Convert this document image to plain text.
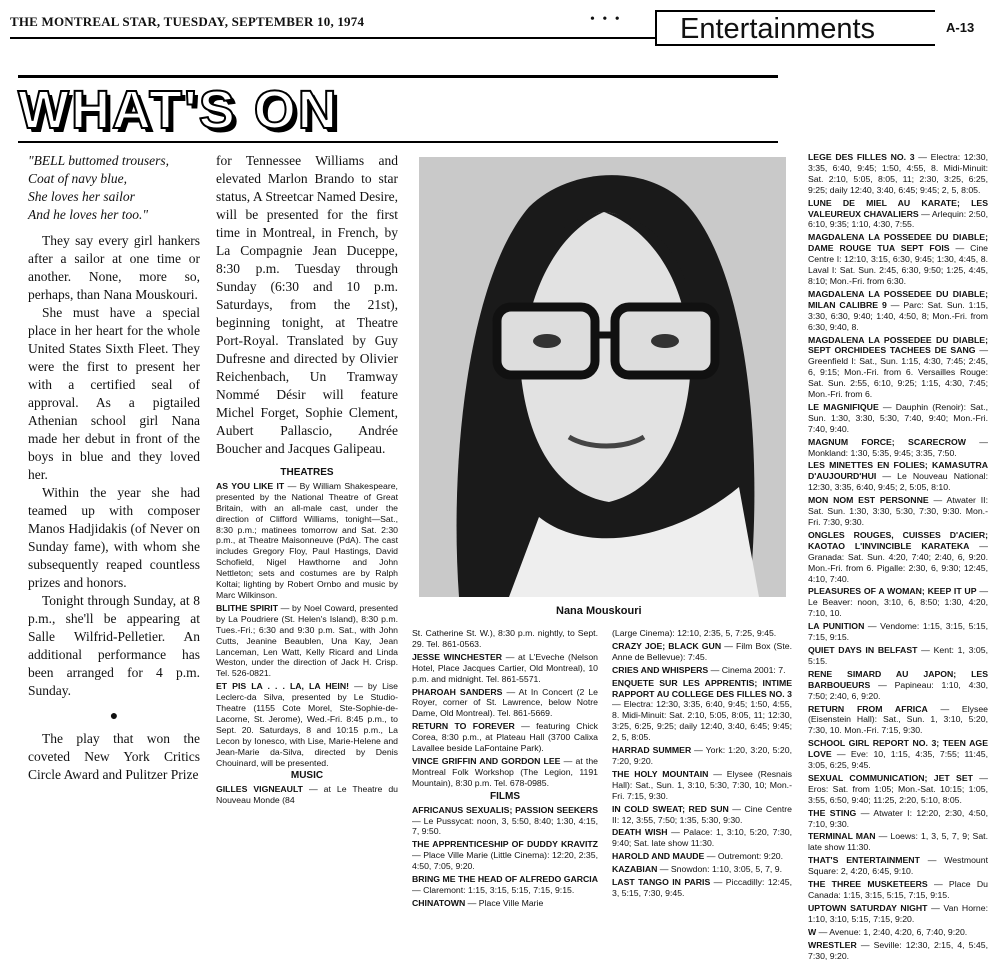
THE MONTREAL STAR, TUESDAY, SEPTEMBER 10, 1974	• • • Entertainments	A-13
WHAT'S ON
"BELL buttomed trousers,
Coat of navy blue,
She loves her sailor
And he loves her too."

They say every girl hankers after a sailor at one time or another. None, more so, perhaps, than Nana Mouskouri.

She must have a special place in her heart for the whole United States Sixth Fleet. They were the first to present her with a certified seal of approval. As a pigtailed Athenian school girl Nana made her debut in front of the boys in blue and they loved her.

Within the year she had teamed up with composer Manos Hadjidakis (of Never on Sunday fame), with whom she subsequently reaped countless prizes and honors.

Tonight through Sunday, at 8 p.m., she'll be appearing at Salle Wilfrid-Pelletier. An additional performance has been arranged for 4 p.m. Sunday.

●

The play that won the coveted New York Critics Circle Award and Pulitzer Prize

for Tennessee Williams and elevated Marlon Brando to star status, A Streetcar Named Desire, will be presented for the first time in Montreal, in French, by La Compagnie Jean Duceppe, 8:30 p.m. Tuesday through Sunday (6:30 and 10 p.m. Saturdays, from the 21st), beginning tonight, at Theatre Port-Royal. Translated by Guy Dufresne and directed by Olivier Reichenbach, Un Tramway Nommé Désir will feature Michel Forget, Sophie Clement, Aubert Pallascio, Andrée Boucher and Jacques Galipeau.

THEATRES
AS YOU LIKE IT — By William Shakespeare, presented by the National Theatre of Great Britain, with an all-male cast, under the direction of Clifford Williams, tonight—Sat., 8:30 p.m.; matinees tomorrow and Sat. 2:30 p.m., at Theatre Maisonneuve (PdA). The cast includes Gregory Floy, Paul Hastings, David Schofield, Nigel Hawthorne and John Nettleton; sets and costumes are by Ralph Koltai; lighting by Robert Ornbo and music by Marc Wilkinson.
BLITHE SPIRIT — by Noel Coward, presented by La Poudriere (St. Helen's Island), 8:30 p.m. Tues.-Fri.; 6:30 and 9:30 p.m. Sat., with John Cutts, Jeanine Beaublen, Una Kay, Jean Lanceman, Len Watt, Kelly Ricard and Linda Weston, under the direction of Jack H. Crisp. Tel. 526-0821.
ET PIS LA . . . LA, LA HEIN! — by Lise Leclerc-da Silva, presented by Le Studio-Theatre (1155 Cote Morel, Ste-Sophie-de-Lacorne, St. Jerome), Wed.-Fri. 8:45 p.m., to Sept. 20. Saturdays, 8 and 10:15 p.m., La Lecon by Ionesco, with Lise, Marie-Helene and Jean-Marie da-Silva, directed by Denis Chouinard, will be presented.
MUSIC
GILLES VIGNEAULT — at Le Theatre du Nouveau Monde (84
Nana Mouskouri
St. Catherine St. W.), 8:30 p.m. nightly, to Sept. 29. Tel. 861-0563.
JESSE WINCHESTER — at L'Eveche (Nelson Hotel, Place Jacques Cartier, Old Montreal), 10 p.m. and midnight. Tel. 861-5571.
PHAROAH SANDERS — At In Concert (2 Le Royer, corner of St. Lawrence, below Notre Dame, Old Montreal). Tel. 861-5669.
RETURN TO FOREVER — featuring Chick Corea, 8:30 p.m., at Plateau Hall (3700 Calixa Lavallee beside LaFontaine Park).
VINCE GRIFFIN AND GORDON LEE — at the Montreal Folk Workshop (The Legion, 1191 Mountain), 8:30 p.m. Tel. 678-0985.
FILMS
AFRICANUS SEXUALIS; PASSION SEEKERS — Le Pussycat: noon, 3, 5:50, 8:40; 1:30, 4:15, 7, 9:50.
THE APPRENTICESHIP OF DUDDY KRAVITZ — Place Ville Marie (Little Cinema): 12:20, 2:35, 4:50, 7:05, 9:20.
BRING ME THE HEAD OF ALFREDO GARCIA — Claremont: 1:15, 3:15, 5:15, 7:15, 9:15.
CHINATOWN — Place Ville Marie
(Large Cinema): 12:10, 2:35, 5, 7:25, 9:45.
CRAZY JOE; BLACK GUN — Film Box (Ste. Anne de Bellevue): 7:45.
CRIES AND WHISPERS — Cinema 2001: 7.
ENQUETE SUR LES APPRENTIS; INTIME RAPPORT AU COLLEGE DES FILLES NO. 3 — Electra: 12:30, 3:35, 6:40, 9:45; 1:50, 4:55, 8. Midi-Minuit: Sat. 2:10, 5:05, 8:05, 11; 12:30, 3:25, 6:25, 9:25; daily 12:40, 3:40, 6:45; 9:45; 2, 5, 8:05.
HARRAD SUMMER — York: 1:20, 3:20, 5:20, 7:20, 9:20.
THE HOLY MOUNTAIN — Elysee (Resnais Hall): Sat., Sun. 1, 3:10, 5:30, 7:30, 10; Mon.-Fri. 7:15, 9:30.
IN COLD SWEAT; RED SUN — Cine Centre II: 12, 3:55, 7:50; 1:35, 5:30, 9:30.
DEATH WISH — Palace: 1, 3:10, 5:20, 7:30, 9:40; Sat. late show 11:30.
HAROLD AND MAUDE — Outremont: 9:20.
KAZABIAN — Snowdon: 1:10, 3:05, 5, 7, 9.
LAST TANGO IN PARIS — Piccadilly: 12:45, 3, 5:15, 7:30, 9:45.
LEGE DES FILLES NO. 3 — Electra: 12:30, 3:35, 6:40, 9:45; 1:50, 4:55, 8. Midi-Minuit: Sat. 2:10, 5:05, 8:05, 11; 2:30, 3:25, 6:25, 9:25; daily 12:40, 3:40, 6:45; 9:45; 2, 5, 8:05.
LUNE DE MIEL AU KARATE; LES VALEUREUX CHAVALIERS — Arlequin: 2:50, 6:10, 9:35; 1:10, 4:30, 7:55.
MAGDALENA LA POSSEDEE DU DIABLE; DAME ROUGE TUA SEPT FOIS — Cine Centre I: 12:10, 3:15, 6:30, 9:45; 1:30, 4:45, 8. Laval I: Sat. Sun. 2:45, 6:30, 9:50; 1:25, 4:45, 8:10; Mon.-Fri. from 6:30.
MAGDALENA LA POSSEDEE DU DIABLE; MILAN CALIBRE 9 — Parc: Sat. Sun. 1:15, 3:30, 6:30, 9:40; 1:40, 4:50, 8; Mon.-Fri. from 6:30, 9:40, 8.
MAGDALENA LA POSSEDEE DU DIABLE; SEPT ORCHIDEES TACHEES DE SANG — Greenfield I: Sat., Sun. 1:15, 4:30, 7:45; 2:45, 6, 9:15; Mon.-Fri. from 6. Versailles Rouge: Sat. Sun. 2:55, 6:10, 9:25; 1:15, 4:30, 7:45; Mon.-Fri. from 6.
LE MAGNIFIQUE — Dauphin (Renoir): Sat., Sun. 1:30, 3:30, 5:30, 7:40, 9:40; Mon.-Fri. 7:40, 9:40.
MAGNUM FORCE; SCARECROW — Monkland: 1:30, 5:35, 9:45; 3:35, 7:50.
LES MINETTES EN FOLIES; KAMASUTRA D'AUJOURD'HUI — Le Nouveau National: 12:30, 3:35, 6:40, 9:45; 2, 5:05, 8:10.
MON NOM EST PERSONNE — Atwater II: Sat. Sun. 1:30, 3:30, 5:30, 7:30, 9:30. Mon.-Fri. 7:30, 9:30.
ONGLES ROUGES, CUISSES D'ACIER; KAOTAO L'INVINCIBLE KARATEKA — Granada: Sat. Sun. 4:20, 7:40; 2:40, 6, 9:20. Mon.-Fri. from 6. Pigalle: 2:30, 6, 9:30; 12:45, 4:10, 7:40.
PLEASURES OF A WOMAN; KEEP IT UP — Le Beaver: noon, 3:10, 6, 8:50; 1:30, 4:20, 7:10, 10.
LA PUNITION — Vendome: 1:15, 3:15, 5:15, 7:15, 9:15.
QUIET DAYS IN BELFAST — Kent: 1, 3:05, 5:15.
RENE SIMARD AU JAPON; LES BARBOUEURS — Papineau: 1:10, 4:30, 7:50; 2:40, 6, 9:20.
RETURN FROM AFRICA — Elysee (Eisenstein Hall): Sat., Sun. 1, 3:10, 5:20, 7:30, 10. Mon.-Fri. 7:15, 9:30.
SCHOOL GIRL REPORT NO. 3; TEEN AGE LOVE — Eve: 10, 1:15, 4:35, 7:55; 11:45, 3:05, 6:25, 9:45.
SEXUAL COMMUNICATION; JET SET — Eros: Sat. from 1:05; Mon.-Sat. 10:15; 1:05, 3:55, 6:50, 9:40; 11:25, 2:20, 5:10, 8:05.
THE STING — Atwater I: 12:20, 2:30, 4:50, 7:10, 9:30.
TERMINAL MAN — Loews: 1, 3, 5, 7, 9; Sat. late show 11:30.
THAT'S ENTERTAINMENT — Westmount Square: 2, 4:20, 6:45, 9:10.
THE THREE MUSKETEERS — Place Du Canada: 1:15, 3:15, 5:15, 7:15, 9:15.
UPTOWN SATURDAY NIGHT — Van Horne: 1:10, 3:10, 5:15, 7:15, 9:20.
W — Avenue: 1, 2:40, 4:20, 6, 7:40, 9:20.
WRESTLER — Seville: 12:30, 2:15, 4, 5:45, 7:30, 9:20.
